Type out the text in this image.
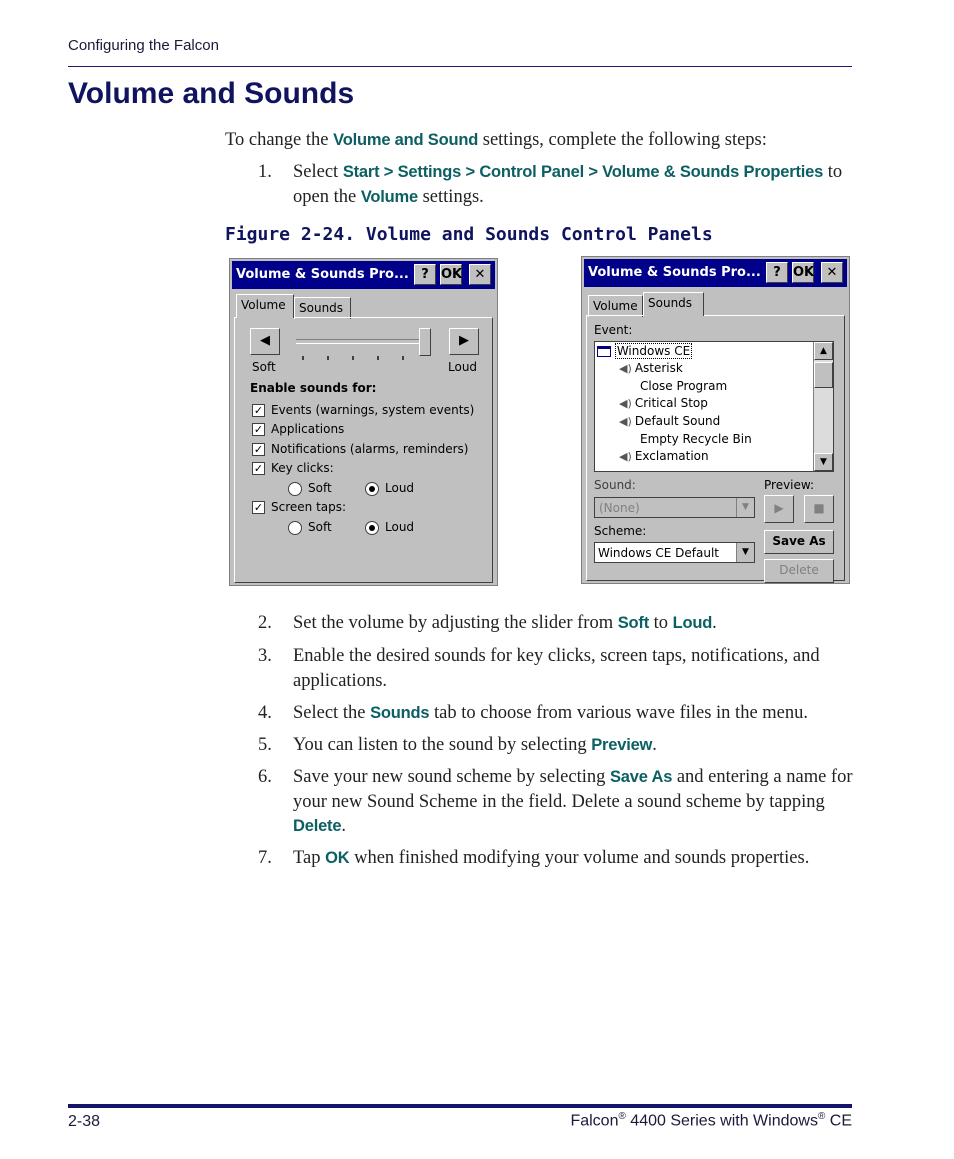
Configuring the Falcon
Volume and Sounds
To change the Volume and Sound settings, complete the following steps:
1. Select Start > Settings > Control Panel > Volume & Sounds Properties to open the Volume settings.
Figure 2-24. Volume and Sounds Control Panels
Volume & Sounds Pro... ? OK ✕
Volume	Sounds
◀	▶
Soft	Loud
Enable sounds for:
✓ Events (warnings, system events)
✓ Applications
✓ Notifications (alarms, reminders)
✓ Key clicks:
Soft	Loud
✓ Screen taps:
Soft	Loud
Volume & Sounds Pro... ? OK ✕
Volume Sounds
Event:
Windows CE
◀) Asterisk
Close Program
◀) Critical Stop
◀) Default Sound
Empty Recycle Bin
◀) Exclamation
▲
▼
Sound:
(None)	▼
Preview:
▶	■
Scheme:
Windows CE Default	▼
Save As
Delete
2. Set the volume by adjusting the slider from Soft to Loud.
3. Enable the desired sounds for key clicks, screen taps, notifications, and applications.
4. Select the Sounds tab to choose from various wave files in the menu.
5. You can listen to the sound by selecting Preview.
6. Save your new sound scheme by selecting Save As and entering a name for your new Sound Scheme in the field. Delete a sound scheme by tapping Delete.
7. Tap OK when finished modifying your volume and sounds properties.
2-38	Falcon® 4400 Series with Windows® CE
